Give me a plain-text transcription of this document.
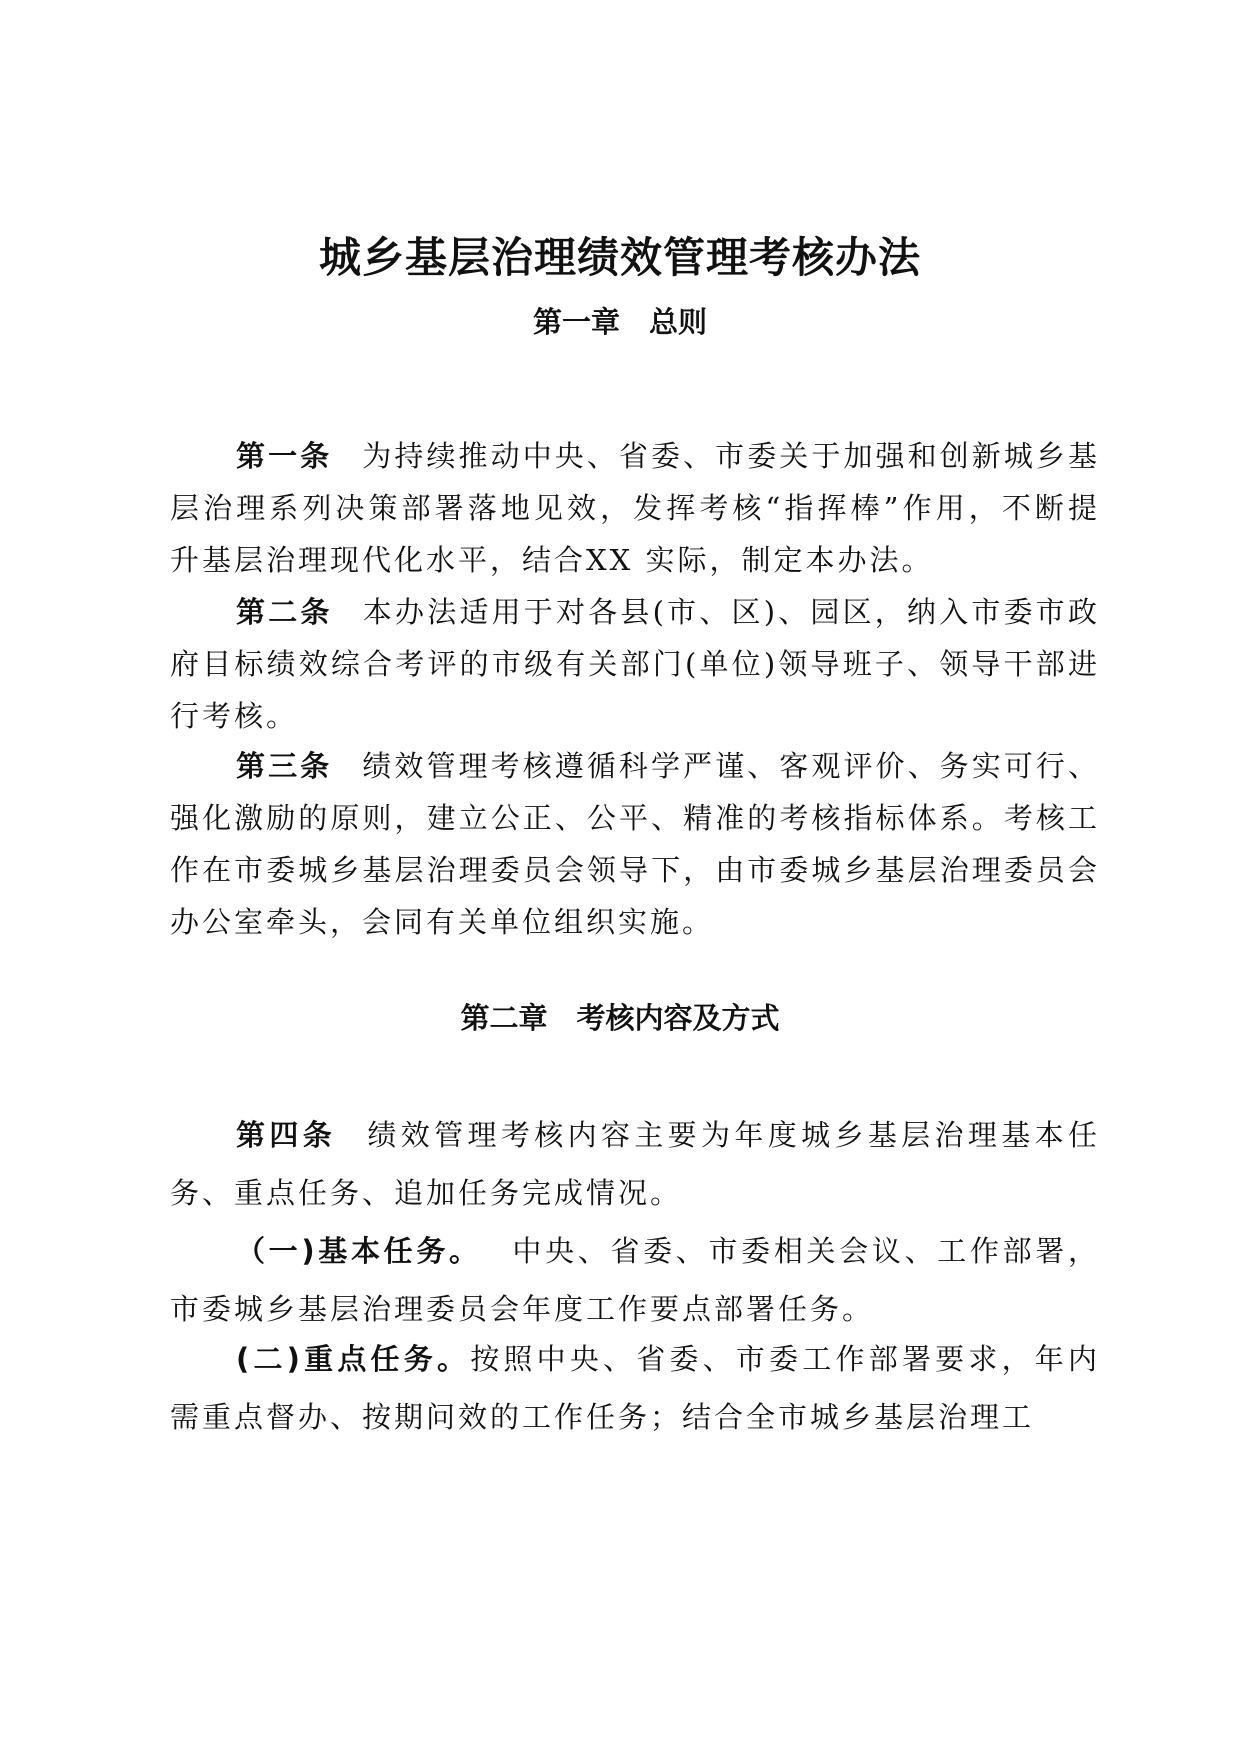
城乡基层治理绩效管理考核办法
第一章　总则

第一条 为持续推动中央、省委、市委关于加强和创新城乡基层治理系列决策部署落地见效，发挥考核“指挥棒”作用，不断提升基层治理现代化水平，结合XX 实际，制定本办法。

第二条 本办法适用于对各县(市、区)、园区，纳入市委市政府目标绩效综合考评的市级有关部门(单位)领导班子、领导干部进行考核。

第三条 绩效管理考核遵循科学严谨、客观评价、务实可行、强化激励的原则，建立公正、公平、精准的考核指标体系。考核工作在市委城乡基层治理委员会领导下，由市委城乡基层治理委员会办公室牵头，会同有关单位组织实施。

第二章　考核内容及方式

第四条 绩效管理考核内容主要为年度城乡基层治理基本任务、重点任务、追加任务完成情况。

（一)基本任务。 中央、省委、市委相关会议、工作部署，市委城乡基层治理委员会年度工作要点部署任务。

(二)重点任务。按照中央、省委、市委工作部署要求，年内需重点督办、按期问效的工作任务；结合全市城乡基层治理工
